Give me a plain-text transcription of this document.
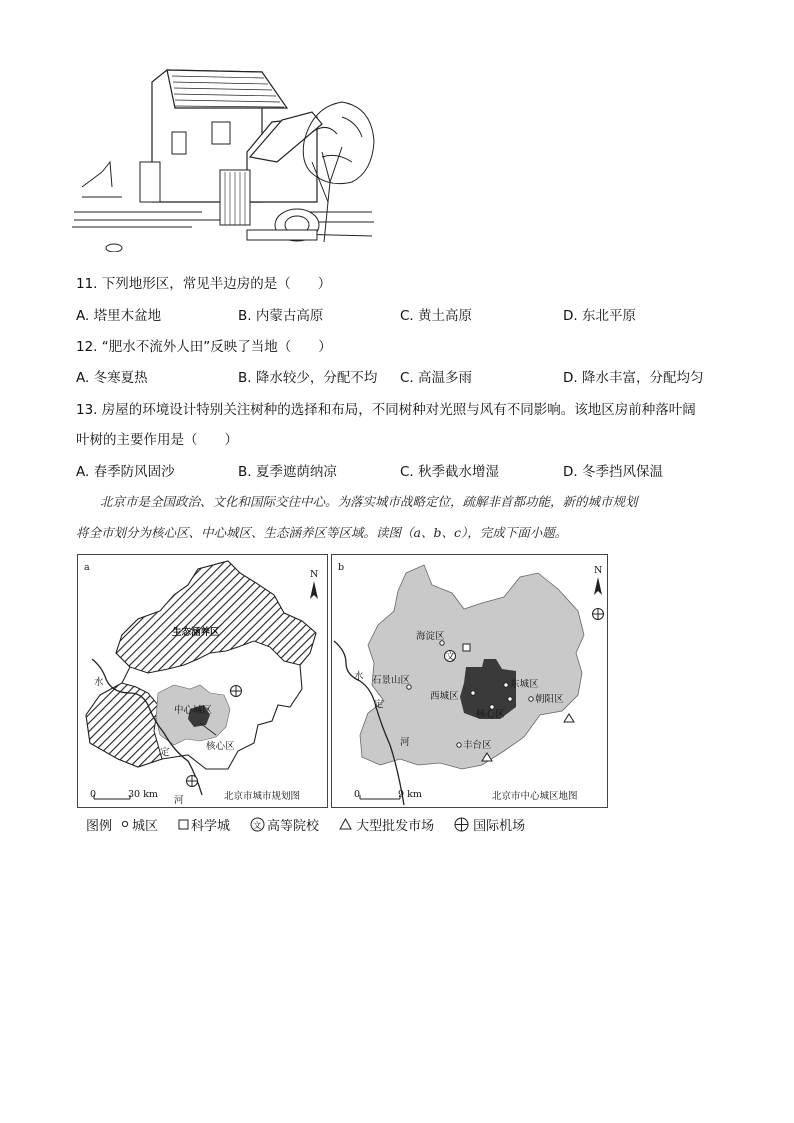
11. 下列地形区，常见半边房的是（　　）
A. 塔里木盆地	B. 内蒙古高原	C. 黄土高原	D. 东北平原
12. “肥水不流外人田”反映了当地（　　）
A. 冬寒夏热	B. 降水较少，分配不均 C. 高温多雨	D. 降水丰富，分配均匀
13. 房屋的环境设计特别关注树种的选择和布局，不同树种对光照与风有不同影响。该地区房前种落叶阔
叶树的主要作用是（　　）
A. 春季防风固沙	B. 夏季遮荫纳凉	C. 秋季截水增湿	D. 冬季挡风保温
北京市是全国政治、文化和国际交往中心。为落实城市战略定位，疏解非首都功能，新的城市规划
将全市划分为核心区、中心城区、生态涵养区等区域。读图（a、b、c），完成下面小题。
a
N
生态涵养区
中心城区
核心区
水
定
河
0	30 km	北京市城市规划图
b
文
N
海淀区
石景山区
西城区
东城区
朝阳区
核心区
丰台区
水
定
河
0	9 km	北京市中心城区地图
图例 城区	科学城	文 高等院校	大型批发市场	国际机场
